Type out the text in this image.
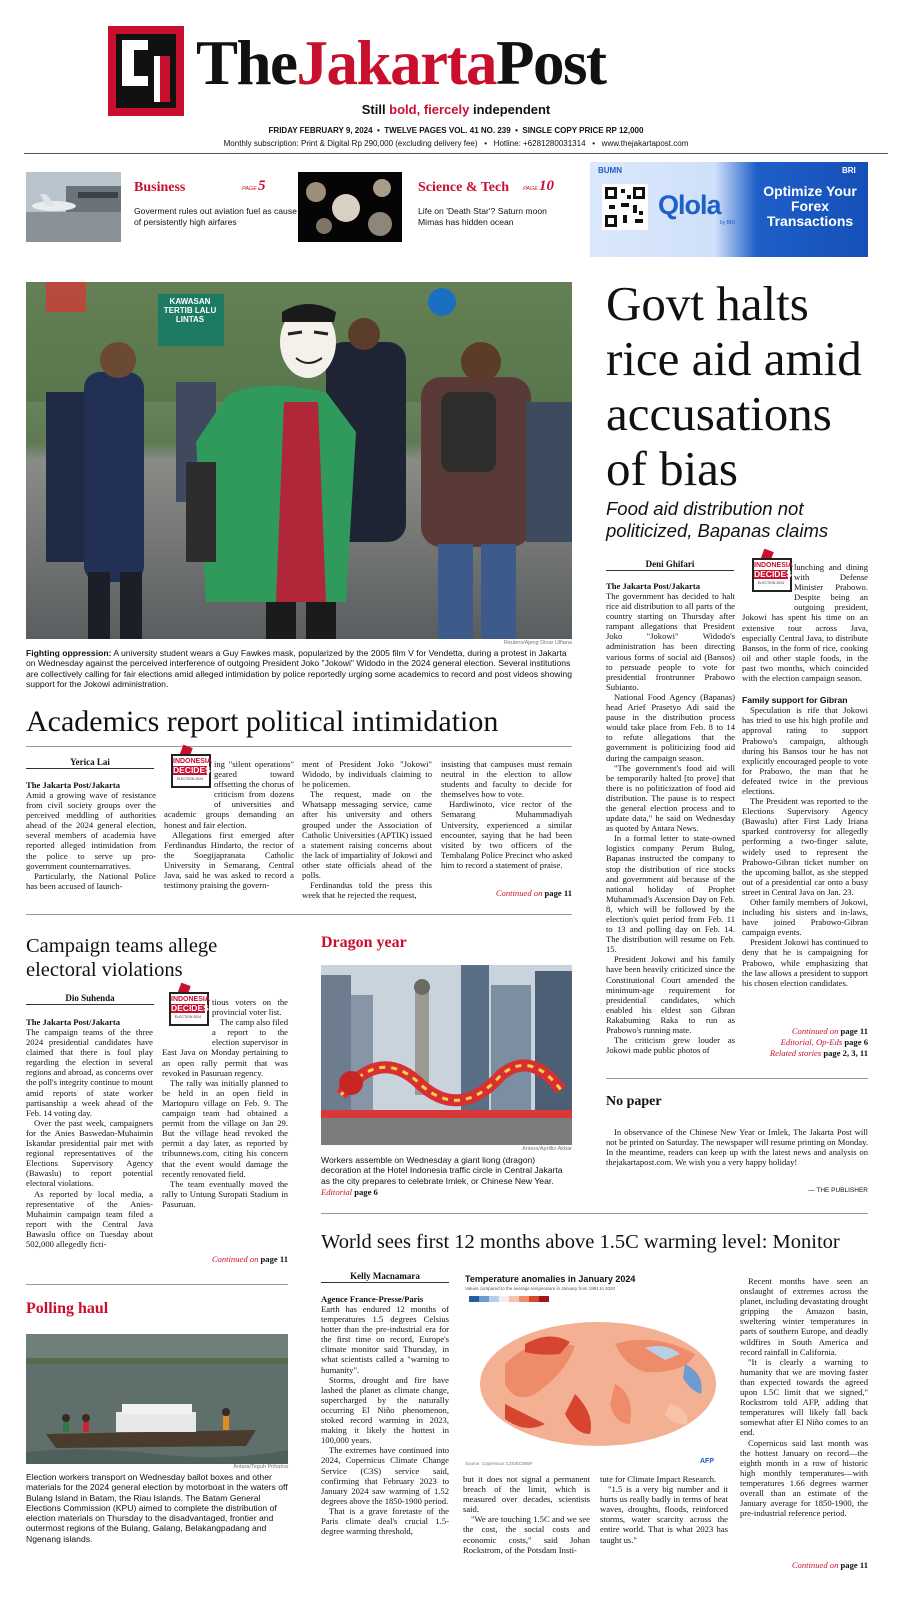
TheJakartaPost
Still bold, fiercely independent
FRIDAY FEBRUARY 9, 2024  •  TWELVE PAGES VOL. 41 NO. 239  •  SINGLE COPY PRICE RP 12,000
Monthly subscription: Print & Digital Rp 290,000 (excluding delivery fee)   •   Hotline: +6281280031314   •   www.thejakartapost.com
Business	PAGE 5
Goverment rules out aviation fuel as cause of persistently high airfares
Science & Tech	PAGE 10
Life on 'Death Star'? Saturn moon Mimas has hidden ocean
BUMN
Qlola
by BRI
BRI
Optimize Your Forex Transactions
KAWASAN TERTIB LALU LINTAS
Reuters/Ajeng Dinar Ulfiana
Fighting oppression: A university student wears a Guy Fawkes mask, popularized by the 2005 film V for Vendetta, during a protest in Jakarta on Wednesday against the perceived interference of outgoing President Joko "Jokowi" Widodo in the 2024 general election. Several institutions are collectively calling for fair elections amid alleged intimidation by police reportedly urging some academics to record and post videos showing support for the Jokowi administration.
Govt halts rice aid amid accusations of bias
Food aid distribution not politicized, Bapanas claims
Deni Ghifari
The Jakarta Post/Jakarta

The government has decided to halt rice aid distribution to all parts of the country starting on Thursday after rampant allegations that President Joko "Jokowi" Widodo's administration has been directing various forms of social aid (Bansos) to persuade people to vote for presidential frontrunner Prabowo Subianto.

National Food Agency (Bapanas) head Arief Prasetyo Adi said the pause in the distribution process would take place from Feb. 8 to 14 to refute allegations that the government is politicizing food aid during the campaign season.

"The government's food aid will be temporarily halted [to prove] that there is no politicization of food aid distribution. The pause is to respect the general election process and to update data," he said on Wednesday as quoted by Antara News.

In a formal letter to state-owned logistics company Perum Bulog, Bapanas instructed the company to stop the distribution of rice stocks and government aid because of the national holiday of Prophet Muhammad's Ascension Day on Feb. 8, which will be followed by the election's quiet period from Feb. 11 to 13 and polling day on Feb. 14. The distribution will resume on Feb. 15.

President Jokowi and his family have been heavily criticized since the Constitutional Court amended the minimum-age requirement for presidential candidates, which enabled his eldest son Gibran Rakabuming Raka to run as Prabowo's running mate.

The criticism grew louder as Jokowi made public photos of

INDONESIA
DECIDES
ELECTION 2024

lunching and dining with Defense Minister Prabowo. Despite being an outgoing president, Jokowi has spent his time on an extensive tour across Java, especially Central Java, to distribute Bansos, in the form of rice, cooking oil and other staple foods, in the past two months, which coincided with the election campaign season.

Family support for Gibran

Speculation is rife that Jokowi has tried to use his high profile and approval rating to support Prabowo's campaign, although during his Bansos tour he has not explicitly encouraged people to vote for Prabowo, the man that he defeated twice in the previous elections.

The President was reported to the Elections Supervisory Agency (Bawaslu) after First Lady Iriana sparked controversy for allegedly performing a two-finger salute, widely used to represent the Prabowo-Gibran ticket number on the upcoming ballot, as she stepped out of a presidential car onto a busy street in Central Java on Jan. 23.

Other family members of Jokowi, including his sisters and in-laws, have joined Prabowo-Gibran campaign events.

President Jokowi has continued to deny that he is campaigning for Prabowo, while emphasizing that the law allows a president to support his chosen election candidates.

Continued on page 11
Editorial, Op-Eds page 6
Related stories page 2, 3, 11
Academics report political intimidation
Yerica Lai
The Jakarta Post/Jakarta

Amid a growing wave of resistance from civil society groups over the perceived meddling of authorities ahead of the 2024 general election, several members of academia have reported alleged intimidation from the police to serve up pro-government counternarratives.

Particularly, the National Police has been accused of launch-

INDONESIA
DECIDES
ELECTION 2024

ing "silent operations" geared toward offsetting the chorus of criticism from dozens of universities and academic groups demanding an honest and fair election.

Allegations first emerged after Ferdinandus Hindarto, the rector of the Soegijapranata Catholic University in Semarang, Central Java, said he was asked to record a testimony praising the govern-

ment of President Joko "Jokowi" Widodo, by individuals claiming to be policemen.

The request, made on the Whatsapp messaging service, came after his university and others grouped under the Association of Catholic Universities (APTIK) issued a statement raising concerns about the lack of impartiality of Jokowi and other state officials ahead of the polls.

Ferdinandus told the press this week that he rejected the request,

insisting that campuses must remain neutral in the election to allow students and faculty to decide for themselves how to vote.

Hardiwinoto, vice rector of the Semarang Muhammadiyah University, experienced a similar encounter, saying that he had been visited by two officers of the Tembalang Police Precinct who asked him to record a statement of praise.

Continued on page 11
Campaign teams allege electoral violations
Dio Suhenda
The Jakarta Post/Jakarta

The campaign teams of the three 2024 presidential candidates have claimed that there is foul play regarding the election in several regions and abroad, as concerns over the poll's integrity continue to mount amid reports of state worker partisanship a week ahead of the Feb. 14 voting day.

Over the past week, campaigners for the Anies Baswedan-Muhaimin Iskandar presidential pair met with regional representatives of the Elections Supervisory Agency (Bawaslu) to report potential electoral violations.

As reported by local media, a representative of the Anies-Muhaimin campaign team filed a report with the Central Java Bawaslu office on Tuesday about 502,000 allegedly ficti-

INDONESIA
DECIDES
ELECTION 2024

tious voters on the provincial voter list.

The camp also filed a report to the election supervisor in East Java on Monday pertaining to an open rally permit that was revoked in Pasuruan regency.

The rally was initially planned to be held in an open field in Martopuro village on Feb. 9. The campaign team had obtained a permit from the village on Jan 29. But the village head revoked the permit a day later, as reported by tribunnews.com, citing his concern that the event would damage the recently renovated field.

The team eventually moved the rally to Untung Suropati Stadium in Pasuruan.

Continued on page 11
Dragon year
Antara/Aprillio Akbar
Workers assemble on Wednesday a giant liong (dragon) decoration at the Hotel Indonesia traffic circle in Central Jakarta as the city prepares to celebrate Imlek, or Chinese New Year.
Editorial page 6
No paper

In observance of the Chinese New Year or Imlek, The Jakarta Post will not be printed on Saturday. The newspaper will resume printing on Monday. In the meantime, readers can keep up with the latest news and analysis on thejakartapost.com. We wish you a very happy holiday!

— THE PUBLISHER
Polling haul
Antara/Teguh Prihatna
Election workers transport on Wednesday ballot boxes and other materials for the 2024 general election by motorboat in the waters off Bulang Island in Batam, the Riau Islands. The Batam General Elections Commission (KPU) aimed to complete the distribution of election materials on Thursday to the disadvantaged, frontier and outermost regions of the Bulang, Galang, Belakangpadang and Ngenang islands.
World sees first 12 months above 1.5C warming level: Monitor
Kelly Macnamara
Agence France-Presse/Paris

Earth has endured 12 months of temperatures 1.5 degrees Celsius hotter than the pre-industrial era for the first time on record, Europe's climate monitor said Thursday, in what scientists called a "warning to humanity".

Storms, drought and fire have lashed the planet as climate change, supercharged by the naturally occurring El Niño phenomenon, stoked record warming in 2023, making it likely the hottest in 100,000 years.

The extremes have continued into 2024, Copernicus Climate Change Service (C3S) service said, confirming that February 2023 to January 2024 saw warming of 1.52 degrees above the 1850-1900 period.

That is a grave foretaste of the Paris climate deal's crucial 1.5-degree warming threshold,

Temperature anomalies in January 2024
Values compared to the average temperature in January from 1991 to 2020
Source: Copernicus C3S/ECMWF	AFP

but it does not signal a permanent breach of the limit, which is measured over decades, scientists said.

"We are touching 1.5C and we see the cost, the social costs and economic costs," said Johan Rockstrom, of the Potsdam Insti-

tute for Climate Impact Research.

"1.5 is a very big number and it hurts us really badly in terms of heat waves, droughts, floods, reinforced storms, water scarcity across the entire world. That is what 2023 has taught us."

Recent months have seen an onslaught of extremes across the planet, including devastating drought gripping the Amazon basin, sweltering winter temperatures in parts of southern Europe, and deadly wildfires in South America and record rainfall in California.

"It is clearly a warning to humanity that we are moving faster than expected towards the agreed upon 1.5C limit that we signed," Rockstrom told AFP, adding that temperatures will likely fall back somewhat after El Niño comes to an end.

Copernicus said last month was the hottest January on record—the eighth month in a row of historic high monthly temperatures—with temperatures 1.66 degrees warmer overall than an estimate of the January average for 1850-1900, the pre-industrial reference period.

Continued on page 11
